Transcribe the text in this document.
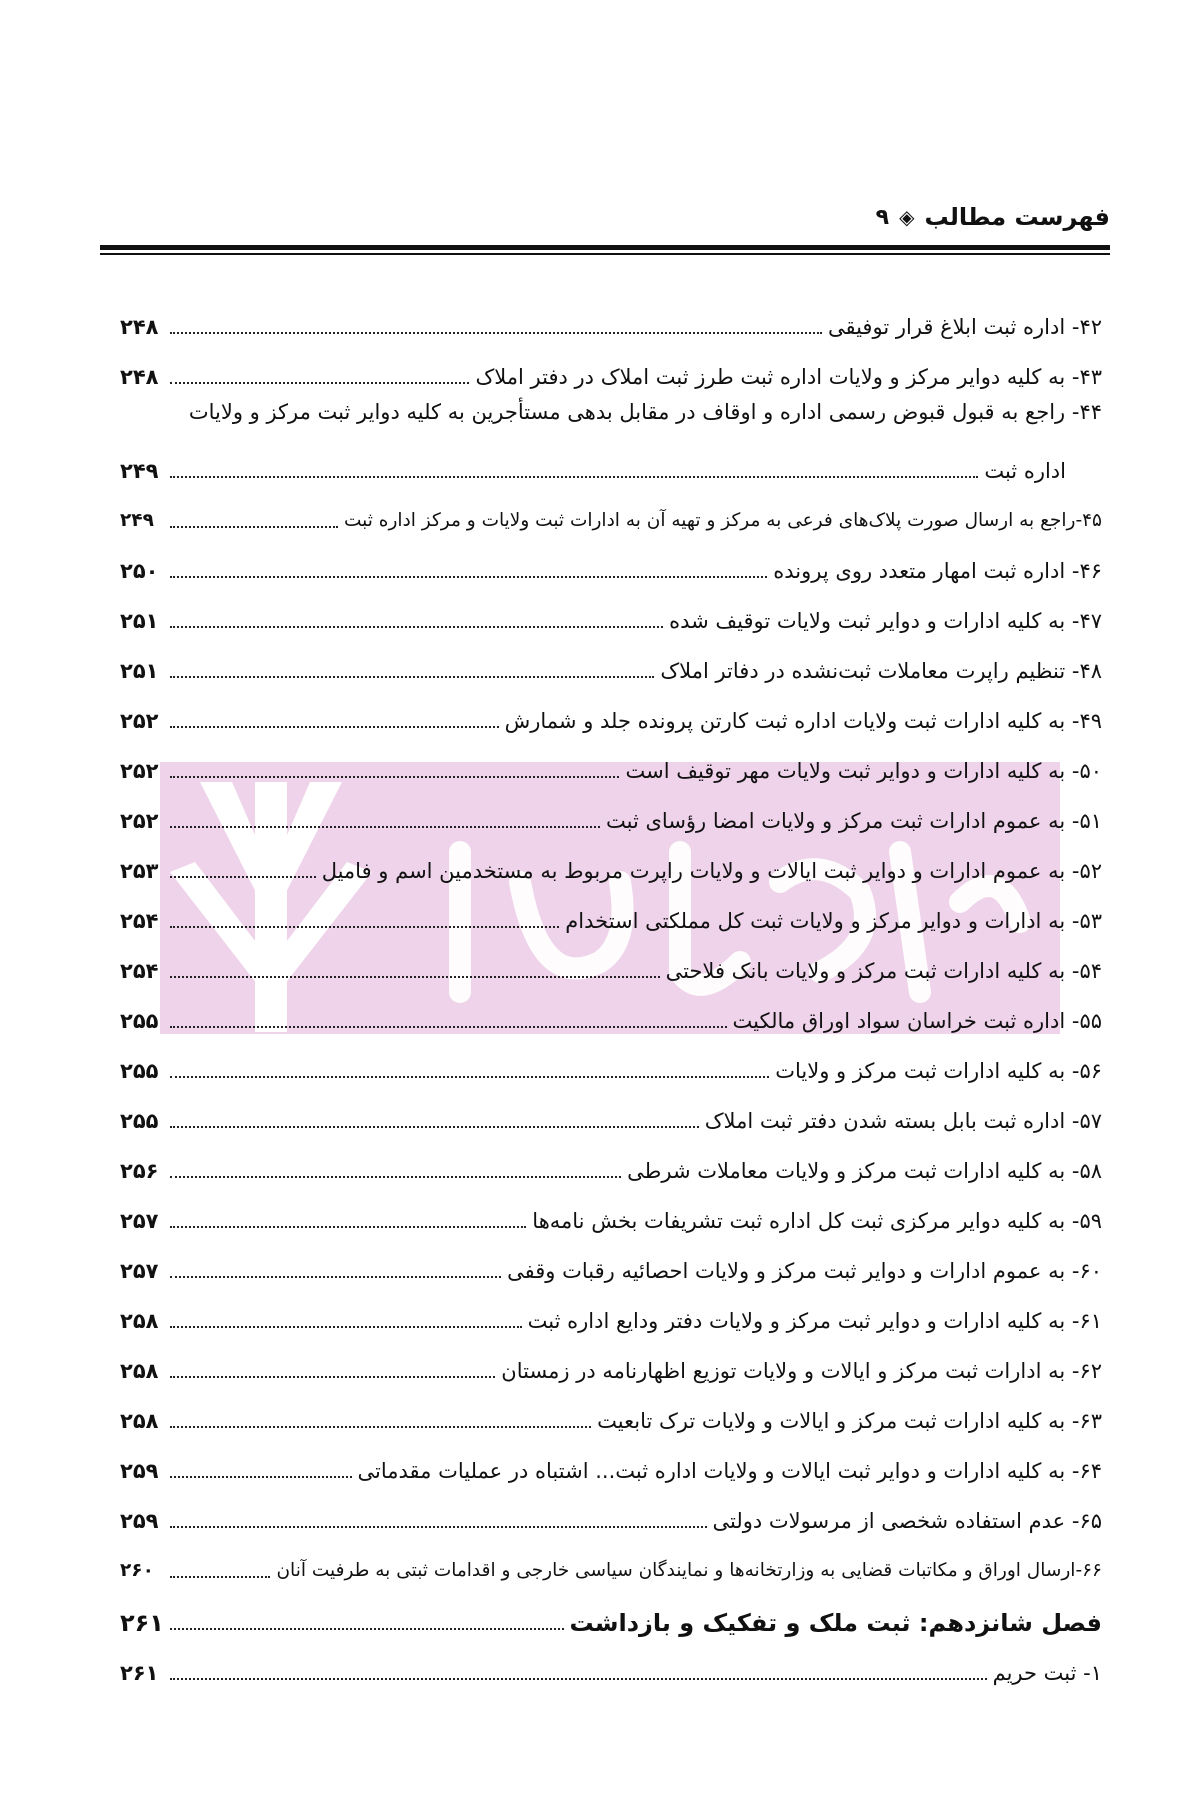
فهرست مطالب
◈
۹
۴۲- اداره ثبت ابلاغ قرار توفیقی
۲۴۸
۴۳- به کلیه دوایر مرکز و ولایات اداره ثبت طرز ثبت املاک در دفتر املاک
۲۴۸
۴۴- راجع به قبول قبوض رسمی اداره و اوقاف در مقابل بدهی مستأجرین به کلیه دوایر ثبت مرکز و ولایات
اداره ثبت
۲۴۹
۴۵-راجع به ارسال صورت پلاک‌های فرعی به مرکز و تهیه آن به ادارات ثبت ولایات و مرکز اداره ثبت
۲۴۹
۴۶- اداره ثبت امهار متعدد روی پرونده
۲۵۰
۴۷- به کلیه ادارات و دوایر ثبت ولایات توقیف شده
۲۵۱
۴۸- تنظیم راپرت معاملات ثبت‌نشده در دفاتر املاک
۲۵۱
۴۹- به کلیه ادارات ثبت ولایات اداره ثبت کارتن پرونده جلد و شمارش
۲۵۲
۵۰- به کلیه ادارات و دوایر ثبت ولایات مهر توقیف است
۲۵۲
۵۱- به عموم ادارات ثبت مرکز و ولایات امضا رؤسای ثبت
۲۵۲
۵۲- به عموم ادارات و دوایر ثبت ایالات و ولایات راپرت مربوط به مستخدمین اسم و فامیل
۲۵۳
۵۳- به ادارات و دوایر مرکز و ولایات ثبت کل مملکتی استخدام
۲۵۴
۵۴- به کلیه ادارات ثبت مرکز و ولایات بانک فلاحتی
۲۵۴
۵۵- اداره ثبت خراسان سواد اوراق مالکیت
۲۵۵
۵۶- به کلیه ادارات ثبت مرکز و ولایات
۲۵۵
۵۷- اداره ثبت بابل بسته شدن دفتر ثبت املاک
۲۵۵
۵۸- به کلیه ادارات ثبت مرکز و ولایات معاملات شرطی
۲۵۶
۵۹- به کلیه دوایر مرکزی ثبت کل اداره ثبت تشریفات بخش نامه‌ها
۲۵۷
۶۰- به عموم ادارات و دوایر ثبت مرکز و ولایات احصائیه رقبات وقفی
۲۵۷
۶۱- به کلیه ادارات و دوایر ثبت مرکز و ولایات دفتر ودایع اداره ثبت
۲۵۸
۶۲- به ادارات ثبت مرکز و ایالات و ولایات توزیع اظهارنامه در زمستان
۲۵۸
۶۳- به کلیه ادارات ثبت مرکز و ایالات و ولایات ترک تابعیت
۲۵۸
۶۴- به کلیه ادارات و دوایر ثبت ایالات و ولایات اداره ثبت... اشتباه در عملیات مقدماتی
۲۵۹
۶۵- عدم استفاده شخصی از مرسولات دولتی
۲۵۹
۶۶-ارسال اوراق و مکاتبات قضایی به وزارتخانه‌ها و نمایندگان سیاسی خارجی و اقدامات ثبتی به طرفیت آنان
۲۶۰
فصل شانزدهم: ثبت ملک و تفکیک و بازداشت
۲۶۱
۱- ثبت حریم
۲۶۱
